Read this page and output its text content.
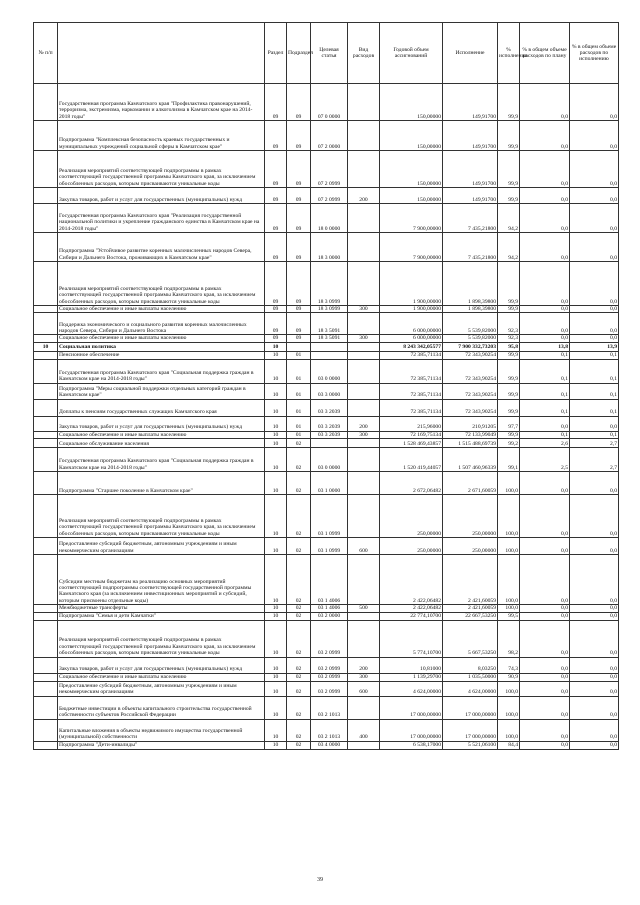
№ п/п		Раздел	Подраздел	Целевая статья	Вид расходов	Годовой объем ассигнований	Исполнение	% исполнения	% в общем объеме расходов по плану	% в общем объеме расходов по исполнению
	Государственная программа Камчатского края "Профилактика правонарушений, терроризма, экстремизма, наркомании и алкоголизма в Камчатском крае на 2014-2018 годы"	09	09	07 0 0000		150,00000	149,91700	99,9	0,0	0,0
	Подпрограмма "Комплексная безопасность краевых государственных и муниципальных учреждений социальной сферы в Камчатском крае"	09	09	07 2 0000		150,00000	149,91700	99,9	0,0	0,0
	Реализация мероприятий соответствующей подпрограммы в рамках соответствующей государственной программы Камчатского края, за исключением обособленных расходов, которым присваиваются уникальные коды	09	09	07 2 0999		150,00000	149,91700	99,9	0,0	0,0
	Закупка товаров, работ и услуг для государственных (муниципальных) нужд	09	09	07 2 0999	200	150,00000	149,91700	99,9	0,0	0,0
	Государственная программа Камчатского края "Реализация государственной национальной политики и укрепление гражданского единства в Камчатском крае на 2014-2018 годы"	09	09	18 0 0000		7 900,00000	7 435,21800	94,2	0,0	0,0
	Подпрограмма "Устойчивое развитие коренных малочисленных народов Севера, Сибири и Дальнего Востока, проживающих в Камчатском крае"	09	09	18 3 0000		7 900,00000	7 435,21800	94,2	0,0	0,0
	Реализация мероприятий соответствующей подпрограммы в рамках соответствующей государственной программы Камчатского края, за исключением обособленных расходов, которым присваиваются уникальные коды	09	09	18 3 0999		1 900,00000	1 898,39800	99,9	0,0	0,0
	Социальное обеспечение и иные выплаты населению	09	09	18 3 0999	300	1 900,00000	1 898,39800	99,9	0,0	0,0
	Поддержка экономического и социального развития коренных малочисленных народов Севера, Сибири и Дальнего Востока	09	09	18 3 5091		6 000,00000	5 539,82000	92,3	0,0	0,0
	Социальное обеспечение и иные выплаты населению	09	09	18 3 5091	300	6 000,00000	5 539,82000	92,3	0,0	0,0
10	Социальная политика	10				8 243 342,05577	7 900 332,73203	95,8	13,8	13,9
	Пенсионное обеспечение	10	01			72 385,71134	72 343,90254	99,9	0,1	0,1
	Государственная программа Камчатского края "Социальная поддержка граждан в Камчатском крае на 2014-2018 годы"	10	01	03 0 0000		72 385,71134	72 343,90254	99,9	0,1	0,1
	Подпрограмма "Меры социальной поддержки отдельных категорий граждан в Камчатском крае"	10	01	03 3 0000		72 385,71134	72 343,90254	99,9	0,1	0,1
	Доплаты к пенсиям государственных служащих Камчатского края	10	01	03 3 2039		72 385,71134	72 343,90254	99,9	0,1	0,1
	Закупка товаров, работ и услуг для государственных (муниципальных) нужд	10	01	03 3 2039	200	215,96000	210,91205	97,7	0,0	0,0
	Социальное обеспечение и иные выплаты населению	10	01	03 3 2039	300	72 169,75134	72 133,99049	99,9	0,1	0,1
	Социальное обслуживание населения	10	02			1 528 469,43857	1 515 488,69739	99,2	2,6	2,7
	Государственная программа Камчатского края "Социальная поддержка граждан в Камчатском крае на 2014-2018 годы"	10	02	03 0 0000		1 520 419,44057	1 507 460,96339	99,1	2,5	2,7
	Подпрограмма "Старшее поколение в Камчатском крае"	10	02	03 1 0000		2 672,06482	2 671,60059	100,0	0,0	0,0
	Реализация мероприятий соответствующей подпрограммы в рамках соответствующей государственной программы Камчатского края, за исключением обособленных расходов, которым присваиваются уникальные коды	10	02	03 1 0999		250,00000	250,00000	100,0	0,0	0,0
	Предоставление субсидий бюджетным, автономным учреждениям и иным некоммерческим организациям	10	02	03 1 0999	600	250,00000	250,00000	100,0	0,0	0,0
	Субсидии местным бюджетам на реализацию основных мероприятий соответствующей подпрограммы соответствующей государственной программы Камчатского края (за исключением инвестиционных мероприятий и субсидий, которым присвоены отдельные коды)	10	02	03 1 4006		2 422,06482	2 421,60059	100,0	0,0	0,0
	Межбюджетные трансферты	10	02	03 1 4006	500	2 422,06482	2 421,60059	100,0	0,0	0,0
	Подпрограмма "Семья и дети Камчатки"	10	02	03 2 0000		22 774,10700	22 667,53250	99,5	0,0	0,0
	Реализация мероприятий соответствующей подпрограммы в рамках соответствующей государственной программы Камчатского края, за исключением обособленных расходов, которым присваиваются уникальные коды	10	02	03 2 0999		5 774,10700	5 667,53250	98,2	0,0	0,0
	Закупка товаров, работ и услуг для государственных (муниципальных) нужд	10	02	03 2 0999	200	10,81000	8,03250	74,3	0,0	0,0
	Социальное обеспечение и иные выплаты населению	10	02	03 2 0999	300	1 139,29700	1 035,50000	90,9	0,0	0,0
	Предоставление субсидий бюджетным, автономным учреждениям и иным некоммерческим организациям	10	02	03 2 0999	600	4 624,00000	4 624,00000	100,0	0,0	0,0
	Бюджетные инвестиции в объекты капитального строительства государственной собственности субъектов Российской Федерации	10	02	03 2 1013		17 000,00000	17 000,00000	100,0	0,0	0,0
	Капитальные вложения в объекты недвижимого имущества государственной (муниципальной) собственности	10	02	03 2 1013	400	17 000,00000	17 000,00000	100,0	0,0	0,0
	Подпрограмма "Дети-инвалиды"	10	02	03 4 0000		6 538,17000	5 521,06100	84,4	0,0	0,0
39
